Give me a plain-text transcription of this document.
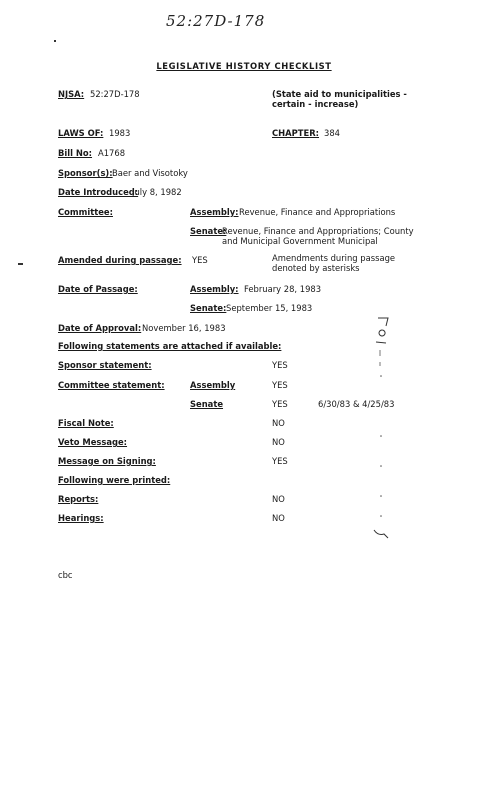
52:27D-178
LEGISLATIVE HISTORY CHECKLIST
NJSA: 52:27D-178	(State aid to municipalities - certain - increase)
LAWS OF: 1983	CHAPTER: 384
Bill No: A1768
Sponsor(s): Baer and Visotoky
Date Introduced:
July 8, 1982
Committee:	Assembly: Revenue, Finance and Appropriations
Senate:
Revenue, Finance and Appropriations; County and Municipal Government Municipal
Amended during passage: YES	Amendments during passage denoted by asterisks
Date of Passage:	Assembly: February 28, 1983
Senate: September 15, 1983
Date of Approval: November 16, 1983
Following statements are attached if available:
Sponsor statement:	YES
Committee statement:	Assembly	YES
Senate	YES	6/30/83 & 4/25/83
Fiscal Note:	NO
Veto Message:	NO
Message on Signing:	YES
Following were printed:
Reports:	NO
Hearings:	NO
cbc
